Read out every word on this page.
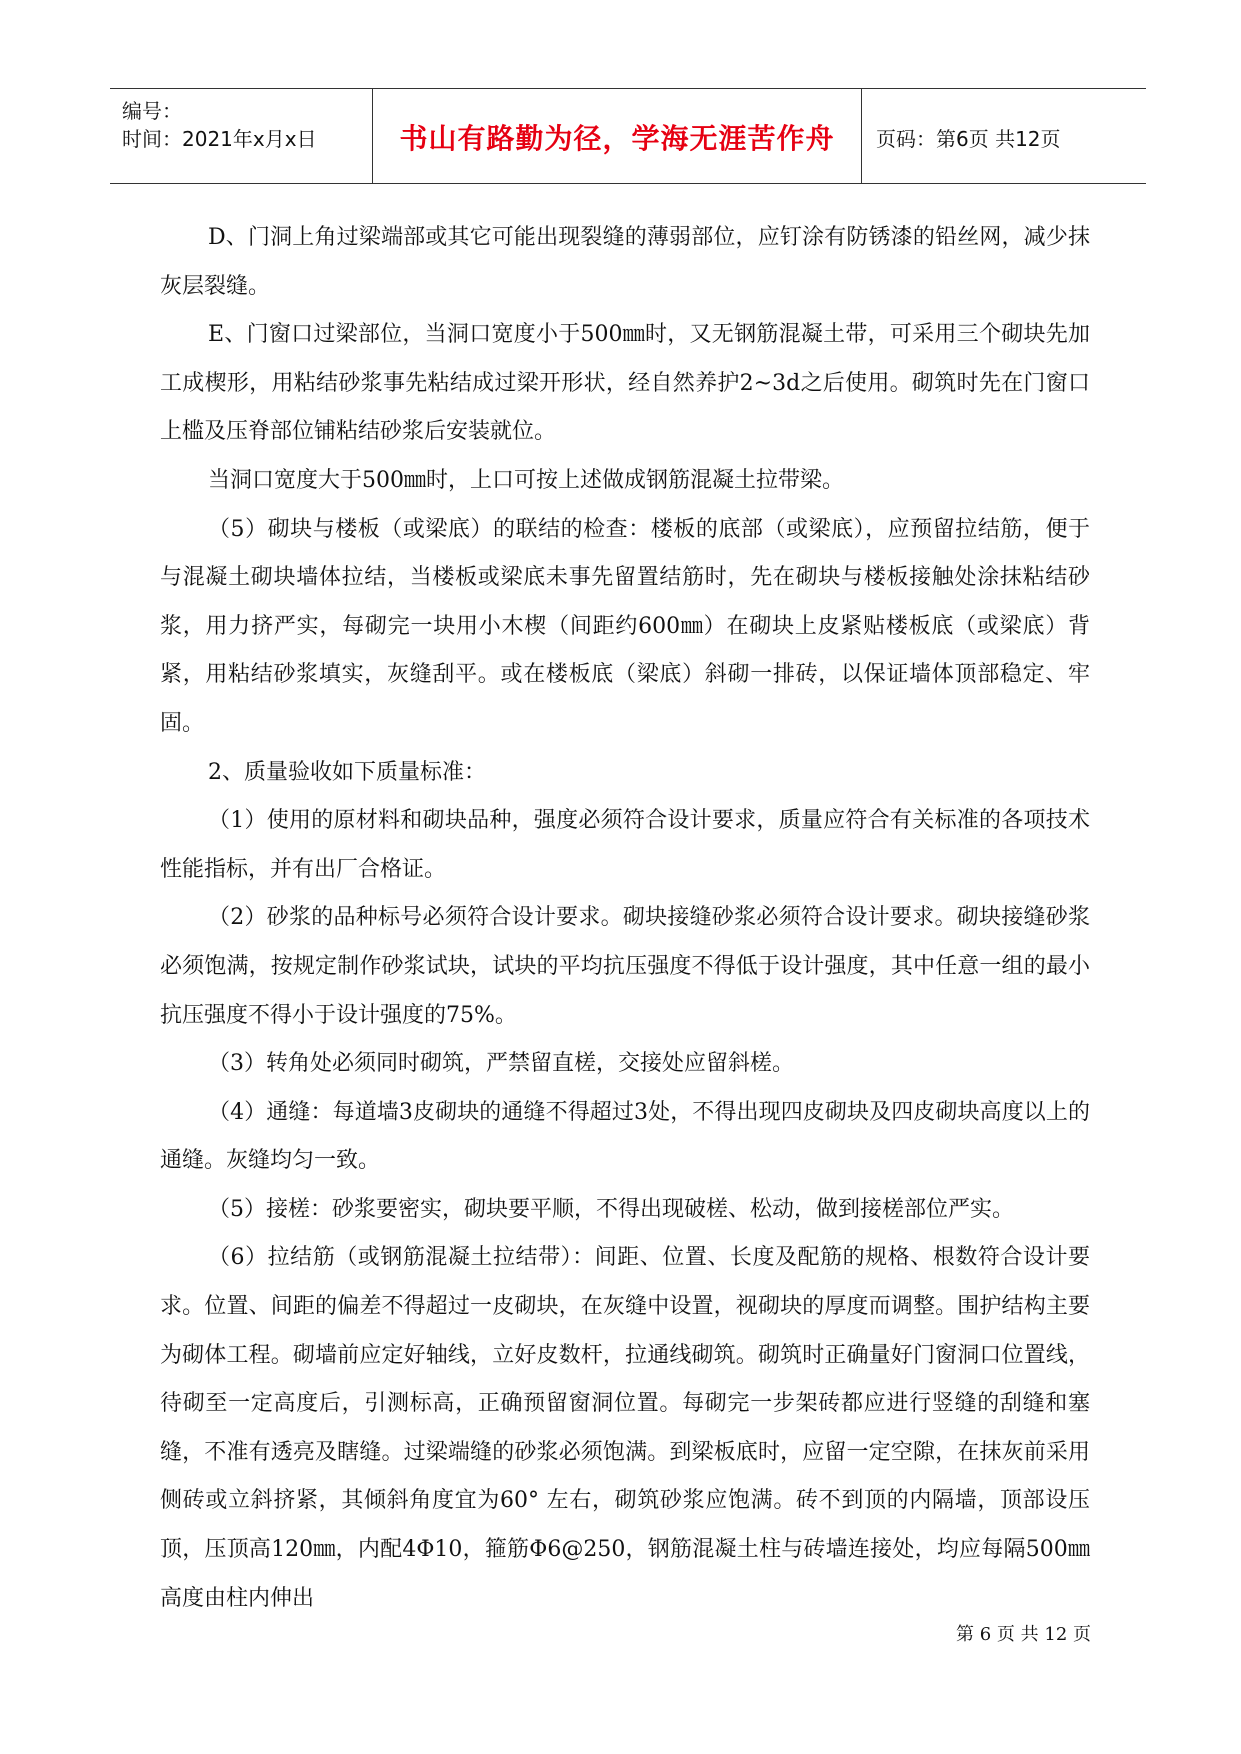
编号：
时间：2021年x月x日	书山有路勤为径，学海无涯苦作舟	页码：第6页 共12页

D、门洞上角过梁端部或其它可能出现裂缝的薄弱部位，应钉涂有防锈漆的铅丝网，减少抹灰层裂缝。

E、门窗口过梁部位，当洞口宽度小于500㎜时，又无钢筋混凝土带，可采用三个砌块先加工成楔形，用粘结砂浆事先粘结成过梁开形状，经自然养护2~3d之后使用。砌筑时先在门窗口上槛及压脊部位铺粘结砂浆后安装就位。

当洞口宽度大于500㎜时，上口可按上述做成钢筋混凝土拉带梁。

（5）砌块与楼板（或梁底）的联结的检查：楼板的底部（或梁底），应预留拉结筋，便于与混凝土砌块墙体拉结，当楼板或梁底未事先留置结筋时，先在砌块与楼板接触处涂抹粘结砂浆，用力挤严实，每砌完一块用小木楔（间距约600㎜）在砌块上皮紧贴楼板底（或梁底）背紧，用粘结砂浆填实，灰缝刮平。或在楼板底（梁底）斜砌一排砖，以保证墙体顶部稳定、牢固。

2、质量验收如下质量标准：

（1）使用的原材料和砌块品种，强度必须符合设计要求，质量应符合有关标准的各项技术性能指标，并有出厂合格证。

（2）砂浆的品种标号必须符合设计要求。砌块接缝砂浆必须符合设计要求。砌块接缝砂浆必须饱满，按规定制作砂浆试块，试块的平均抗压强度不得低于设计强度，其中任意一组的最小抗压强度不得小于设计强度的75%。

（3）转角处必须同时砌筑，严禁留直槎，交接处应留斜槎。

（4）通缝：每道墙3皮砌块的通缝不得超过3处，不得出现四皮砌块及四皮砌块高度以上的通缝。灰缝均匀一致。

（5）接槎：砂浆要密实，砌块要平顺，不得出现破槎、松动，做到接槎部位严实。

（6）拉结筋（或钢筋混凝土拉结带）：间距、位置、长度及配筋的规格、根数符合设计要求。位置、间距的偏差不得超过一皮砌块，在灰缝中设置，视砌块的厚度而调整。围护结构主要为砌体工程。砌墙前应定好轴线，立好皮数杆，拉通线砌筑。砌筑时正确量好门窗洞口位置线，待砌至一定高度后，引测标高，正确预留窗洞位置。每砌完一步架砖都应进行竖缝的刮缝和塞缝，不准有透亮及瞎缝。过梁端缝的砂浆必须饱满。到梁板底时，应留一定空隙，在抹灰前采用侧砖或立斜挤紧，其倾斜角度宜为60° 左右，砌筑砂浆应饱满。砖不到顶的内隔墙，顶部设压顶，压顶高120㎜，内配4Φ10，箍筋Φ6@250，钢筋混凝土柱与砖墙连接处，均应每隔500㎜高度由柱内伸出

第 6 页 共 12 页
